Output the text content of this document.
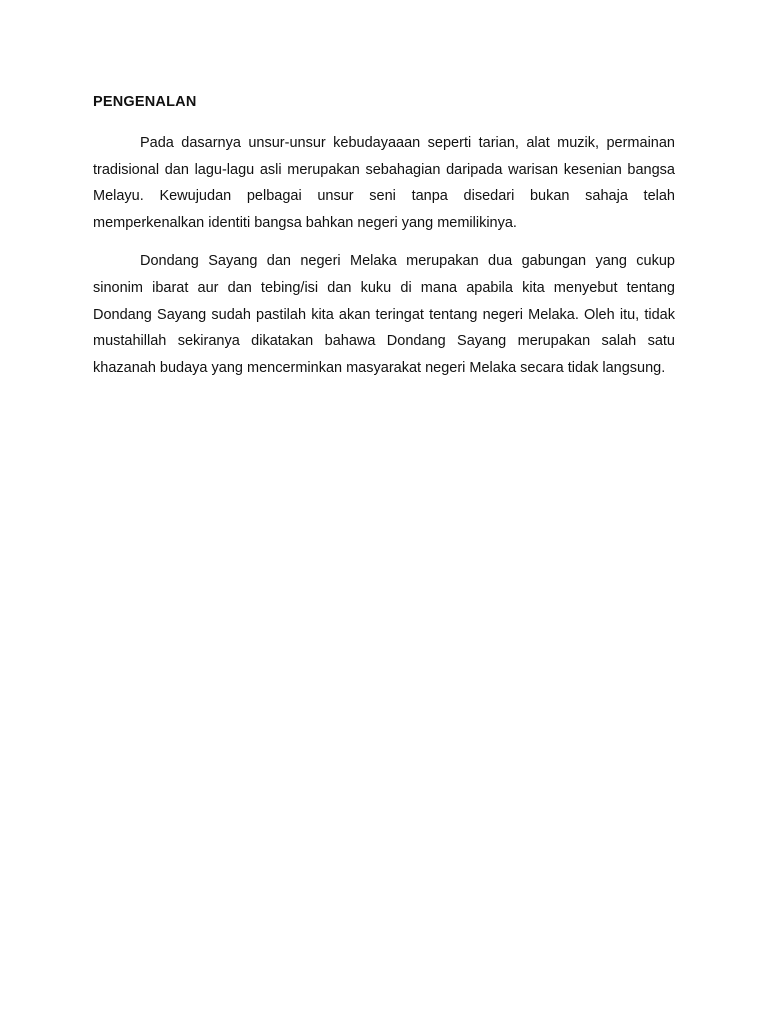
PENGENALAN

Pada dasarnya unsur-unsur kebudayaaan seperti tarian, alat muzik, permainan tradisional dan lagu-lagu asli merupakan sebahagian daripada warisan kesenian bangsa Melayu. Kewujudan pelbagai unsur seni tanpa disedari bukan sahaja telah memperkenalkan identiti bangsa bahkan negeri yang memilikinya.

Dondang Sayang dan negeri Melaka merupakan dua gabungan yang cukup sinonim ibarat aur dan tebing/isi dan kuku di mana apabila kita menyebut tentang Dondang Sayang sudah pastilah kita akan teringat tentang negeri Melaka. Oleh itu, tidak mustahillah sekiranya dikatakan bahawa Dondang Sayang merupakan salah satu khazanah budaya yang mencerminkan masyarakat negeri Melaka secara tidak langsung.
